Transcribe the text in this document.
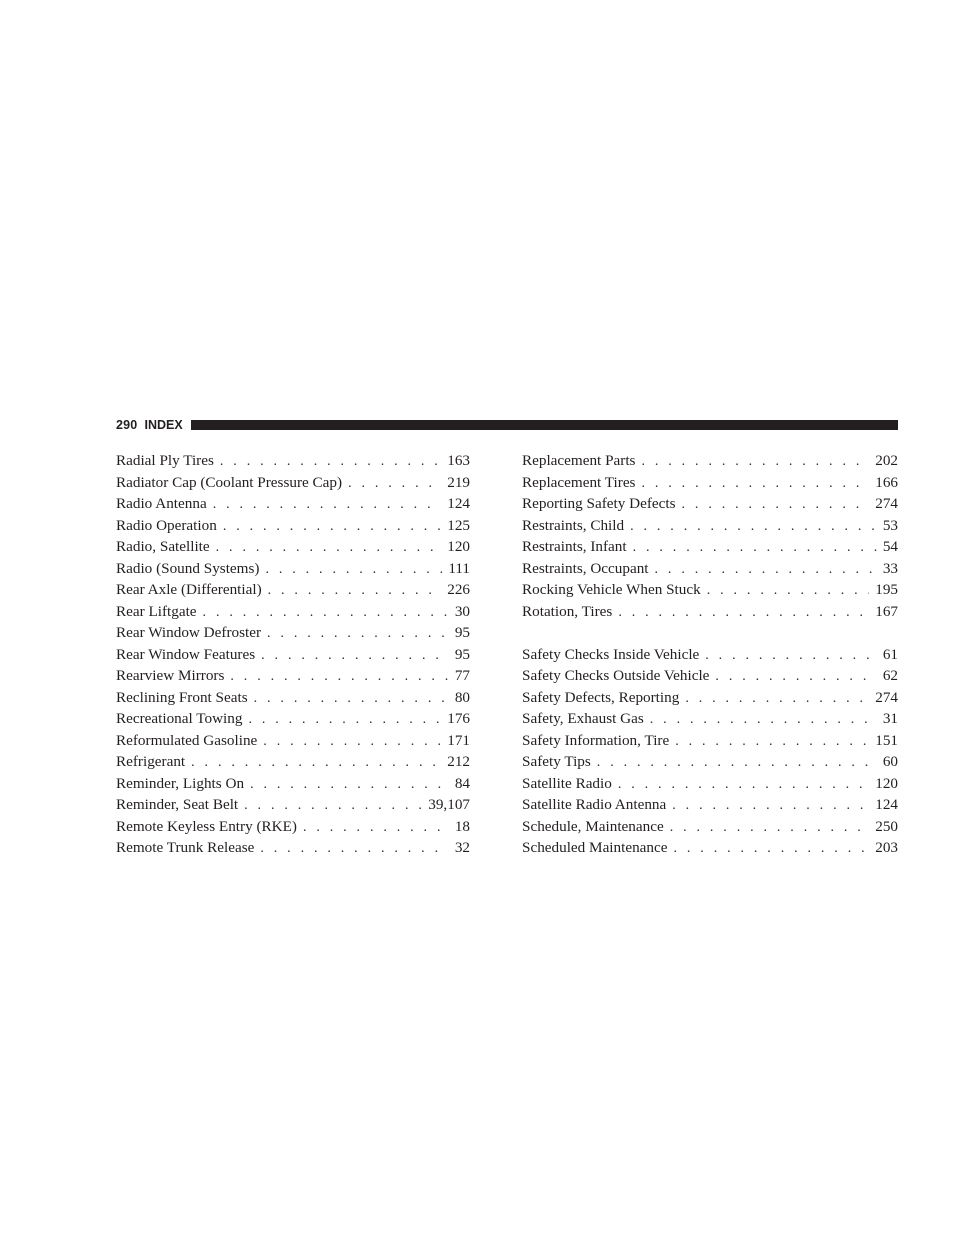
290 INDEX
Radial Ply Tires . . .	163
Radiator Cap (Coolant Pressure Cap) . . .	219
Radio Antenna . . .	124
Radio Operation . . .	125
Radio, Satellite . . .	120
Radio (Sound Systems) . . .	111
Rear Axle (Differential) . . .	226
Rear Liftgate . . .	30
Rear Window Defroster . . .	95
Rear Window Features . . .	95
Rearview Mirrors . . .	77
Reclining Front Seats . . .	80
Recreational Towing . . .	176
Reformulated Gasoline . . .	171
Refrigerant . . .	212
Reminder, Lights On . . .	84
Reminder, Seat Belt . . .	39,107
Remote Keyless Entry (RKE) . . .	18
Remote Trunk Release . . .	32
Replacement Parts . . .	202
Replacement Tires . . .	166
Reporting Safety Defects . . .	274
Restraints, Child . . .	53
Restraints, Infant . . .	54
Restraints, Occupant . . .	33
Rocking Vehicle When Stuck . . .	195
Rotation, Tires . . .	167
Safety Checks Inside Vehicle . . .	61
Safety Checks Outside Vehicle . . .	62
Safety Defects, Reporting . . .	274
Safety, Exhaust Gas . . .	31
Safety Information, Tire . . .	151
Safety Tips . . .	60
Satellite Radio . . .	120
Satellite Radio Antenna . . .	124
Schedule, Maintenance . . .	250
Scheduled Maintenance . . .	203
